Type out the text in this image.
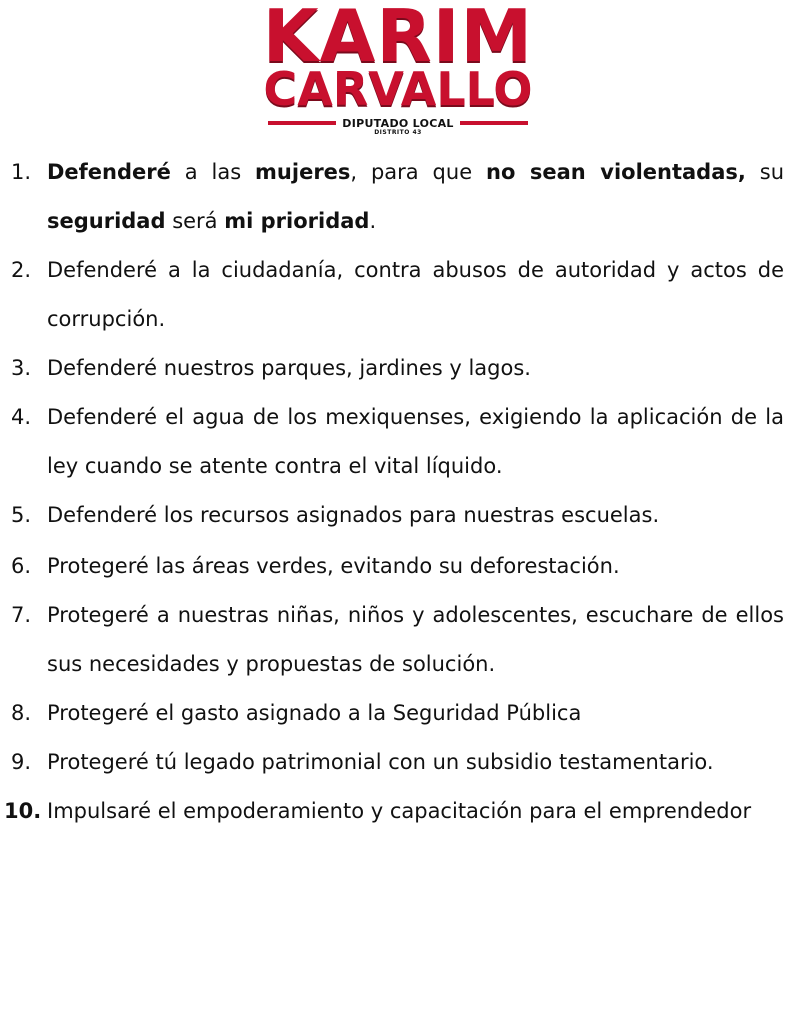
KARIM
CARVALLO
DIPUTADO LOCAL
DISTRITO 43
1. Defenderé a las mujeres, para que no sean violentadas, su seguridad será mi prioridad.
2. Defenderé a la ciudadanía, contra abusos de autoridad y actos de corrupción.
3. Defenderé nuestros parques, jardines y lagos.
4. Defenderé el agua de los mexiquenses, exigiendo la aplicación de la ley cuando se atente contra el vital líquido.
5. Defenderé los recursos asignados para nuestras escuelas.
6. Protegeré las áreas verdes, evitando su deforestación.
7. Protegeré a nuestras niñas, niños y adolescentes, escuchare de ellos sus necesidades y propuestas de solución.
8. Protegeré el gasto asignado a la Seguridad Pública
9. Protegeré tú legado patrimonial con un subsidio testamentario.
10. Impulsaré el empoderamiento y capacitación para el emprendedor
